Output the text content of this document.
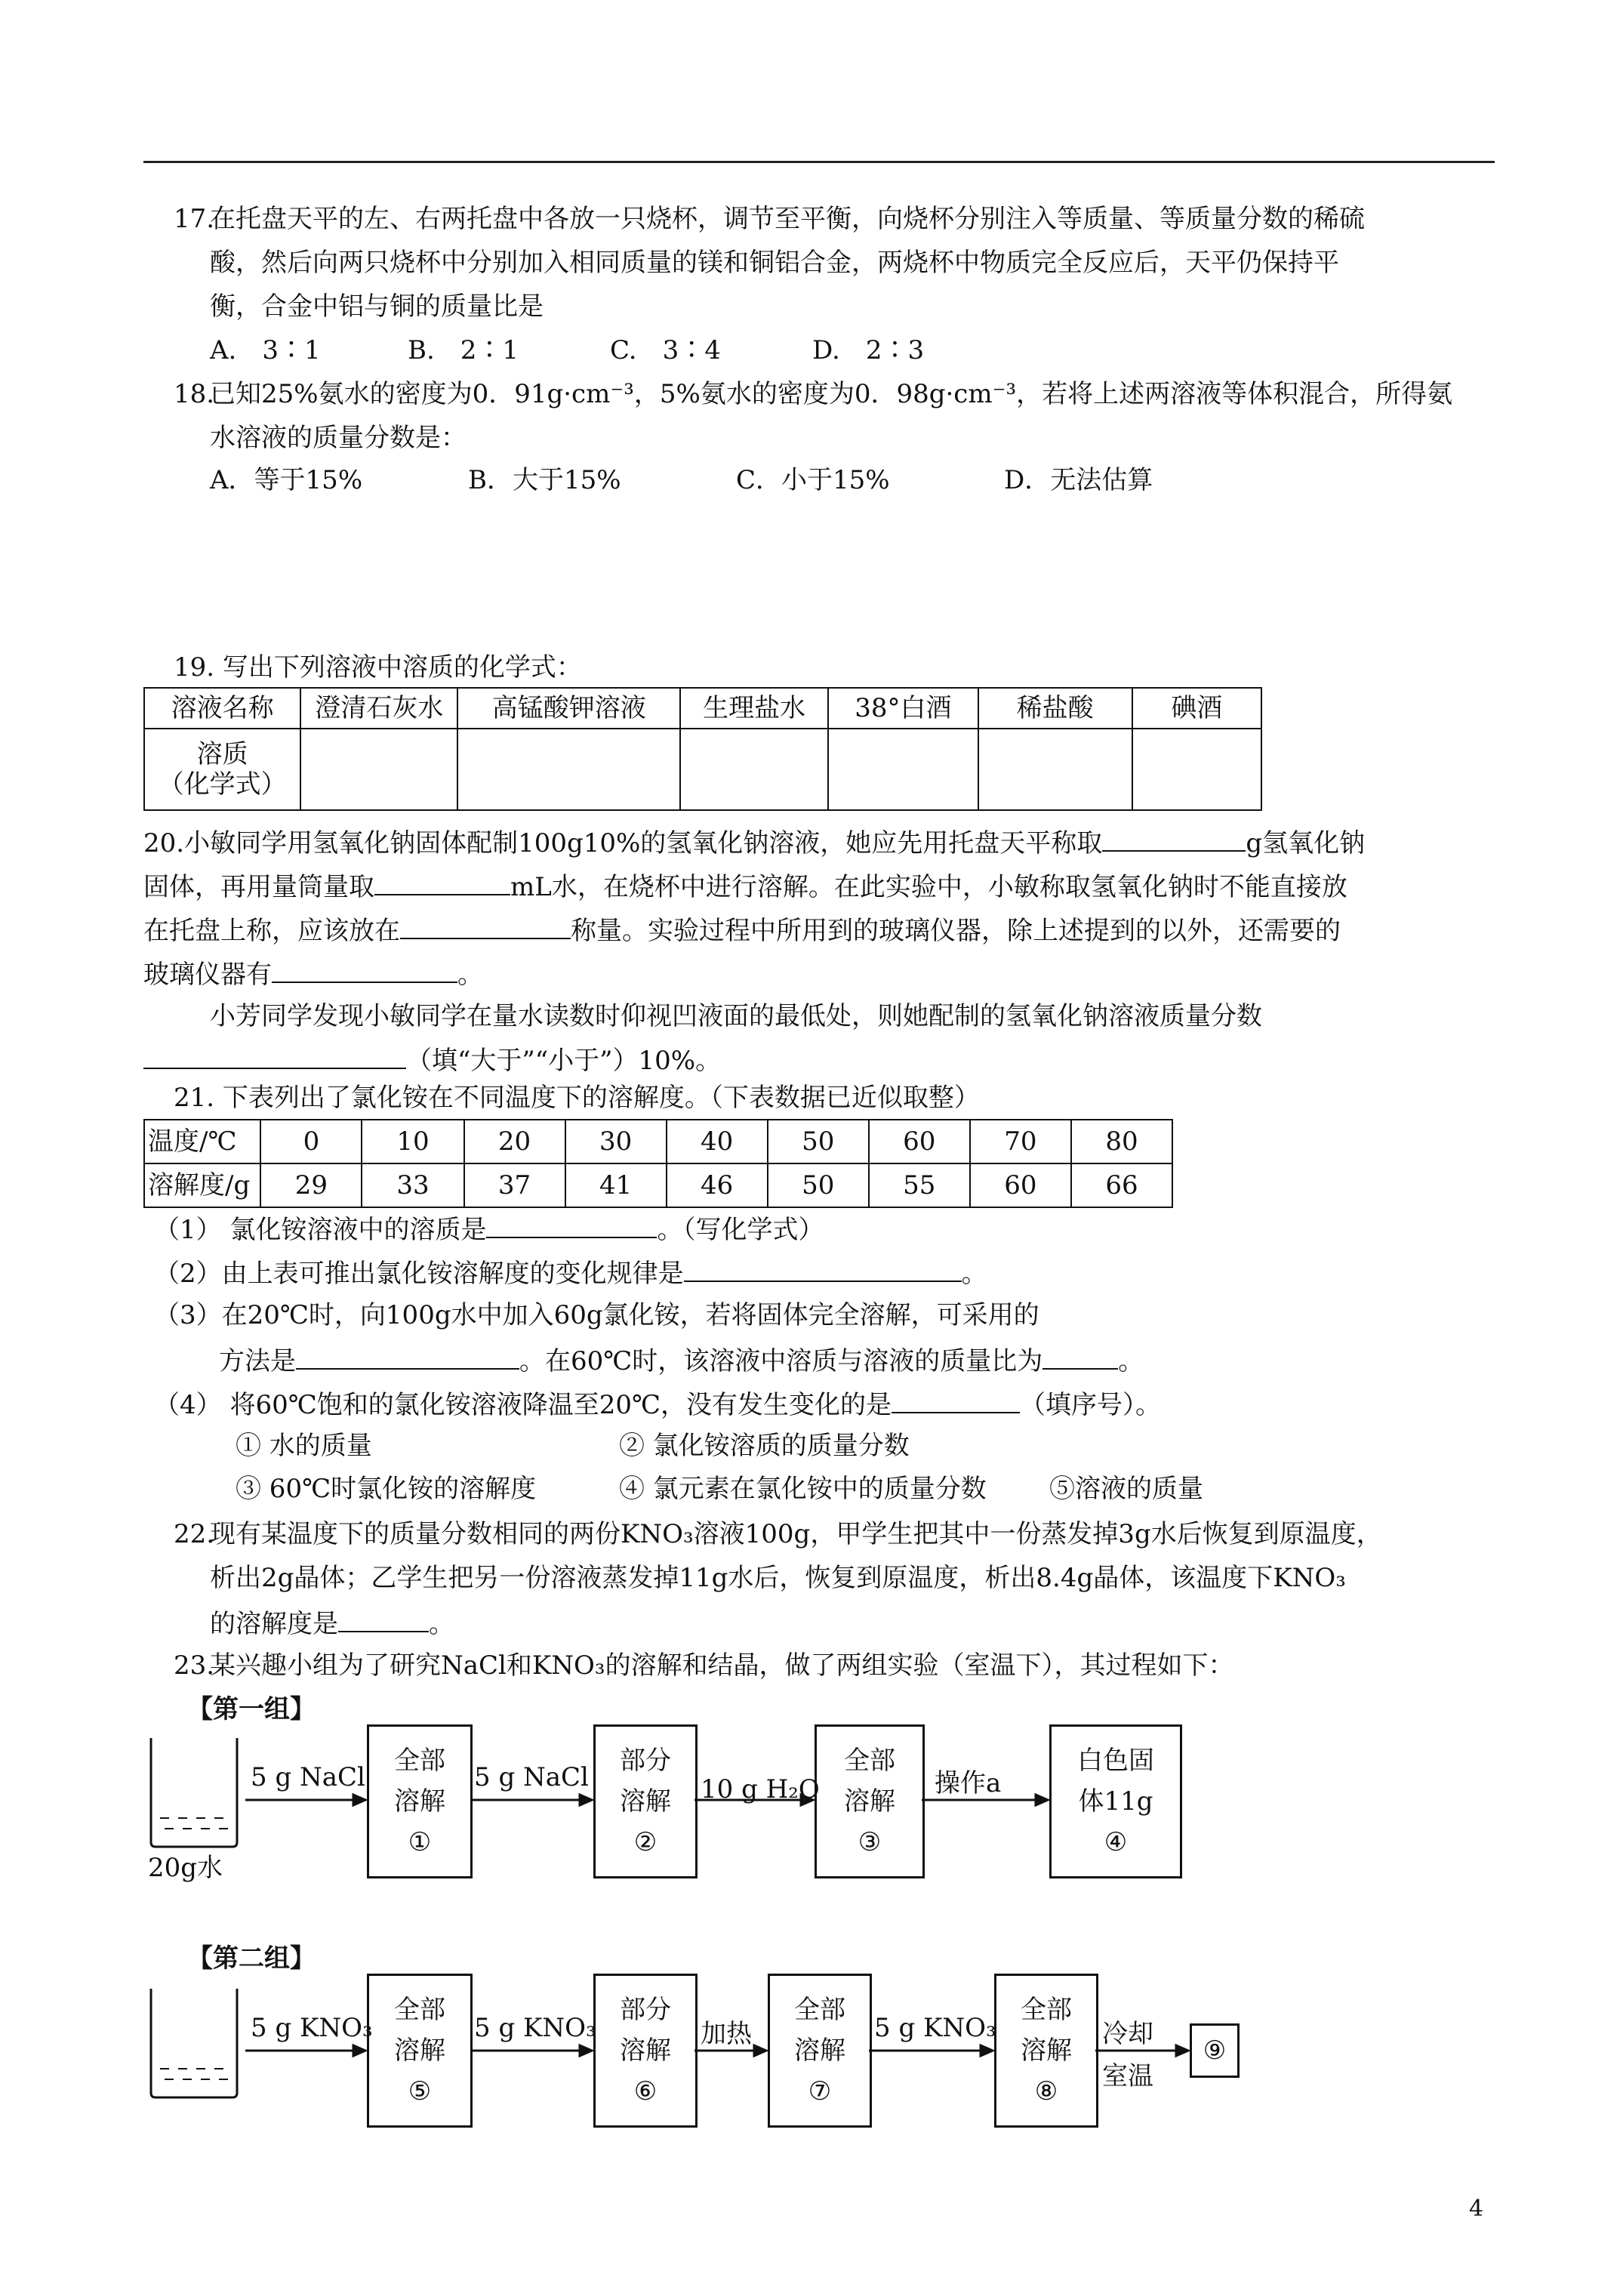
17.
在托盘天平的左、右两托盘中各放一只烧杯，调节至平衡，向烧杯分别注入等质量、等质量分数的稀硫
酸，然后向两只烧杯中分别加入相同质量的镁和铜铝合金，两烧杯中物质完全反应后，天平仍保持平
衡，合金中铝与铜的质量比是
A.　3∶1	B.　2∶1	C.　3∶4	D.　2∶3
18.
已知25%氨水的密度为0．91g·cm⁻³，5%氨水的密度为0．98g·cm⁻³，若将上述两溶液等体积混合，所得氨
水溶液的质量分数是：
A．等于15%	B．大于15%	C．小于15%	D．无法估算
19. 写出下列溶液中溶质的化学式：
溶液名称	澄清石灰水	高锰酸钾溶液	生理盐水	38°白酒	稀盐酸	碘酒

溶质
（化学式）						

20.小敏同学用氢氧化钠固体配制100g10%的氢氧化钠溶液，她应先用托盘天平称取	g氢氧化钠
固体，再用量筒量取	mL水，在烧杯中进行溶解。在此实验中，小敏称取氢氧化钠时不能直接放
在托盘上称，应该放在	称量。实验过程中所用到的玻璃仪器，除上述提到的以外，还需要的
玻璃仪器有	。
小芳同学发现小敏同学在量水读数时仰视凹液面的最低处，则她配制的氢氧化钠溶液质量分数
（填“大于”“小于”）10%。
21. 下表列出了氯化铵在不同温度下的溶解度。（下表数据已近似取整）
温度/℃	0	10	20	30	40	50	60	70	80
溶解度/g	29	33	37	41	46	50	55	60	66
（1） 氯化铵溶液中的溶质是	。（写化学式）
（2）由上表可推出氯化铵溶解度的变化规律是	。
（3）在20℃时，向100g水中加入60g氯化铵，若将固体完全溶解，可采用的
方法是	。在60℃时，该溶液中溶质与溶液的质量比为	。
（4） 将60℃饱和的氯化铵溶液降温至20℃，没有发生变化的是	（填序号）。
① 水的质量	② 氯化铵溶质的质量分数
③ 60℃时氯化铵的溶解度	④ 氯元素在氯化铵中的质量分数 ⑤溶液的质量
22.
现有某温度下的质量分数相同的两份KNO₃溶液100g，甲学生把其中一份蒸发掉3g水后恢复到原温度，
析出2g晶体；乙学生把另一份溶液蒸发掉11g水后，恢复到原温度，析出8.4g晶体，该温度下KNO₃
的溶解度是	。
23.
某兴趣小组为了研究NaCl和KNO₃的溶解和结晶，做了两组实验（室温下），其过程如下：
【第一组】
20g水
5 g NaCl	5 g NaCl	10 g H₂O	操作a
全部
溶解
①
部分
溶解
②
全部
溶解
③
白色固
体11g
④
【第二组】
5 g KNO₃	5 g KNO₃	加热	5 g KNO₃	冷却
室温
全部
溶解
⑤
部分
溶解
⑥
全部
溶解
⑦
全部
溶解
⑧
⑨
4
